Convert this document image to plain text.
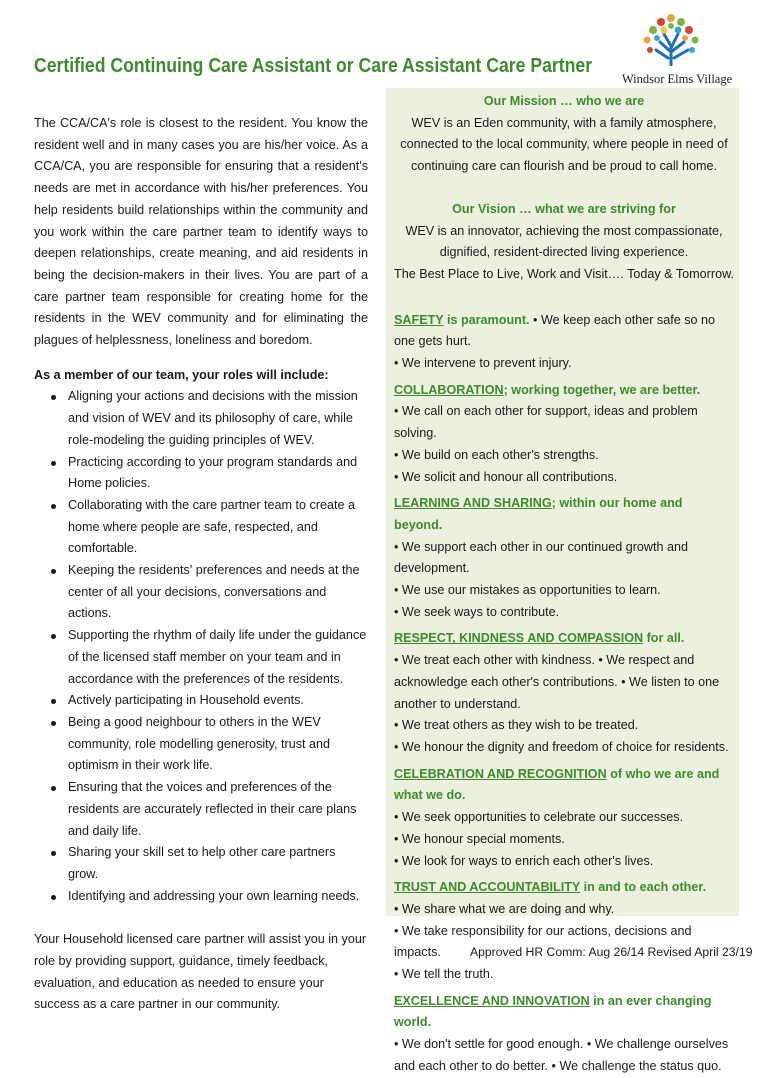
Certified Continuing Care Assistant or Care Assistant Care Partner
Windsor Elms Village

The CCA/CA's role is closest to the resident. You know the resident well and in many cases you are his/her voice. As a CCA/CA, you are responsible for ensuring that a resident's needs are met in accordance with his/her preferences. You help residents build relationships within the community and you work within the care partner team to identify ways to deepen relationships, create meaning, and aid residents in being the decision-makers in their lives. You are part of a care partner team responsible for creating home for the residents in the WEV community and for eliminating the plagues of helplessness, loneliness and boredom.

As a member of our team, your roles will include:

Aligning your actions and decisions with the mission and vision of WEV and its philosophy of care, while role-modeling the guiding principles of WEV.
Practicing according to your program standards and Home policies.
Collaborating with the care partner team to create a home where people are safe, respected, and comfortable.
Keeping the residents' preferences and needs at the center of all your decisions, conversations and actions.
Supporting the rhythm of daily life under the guidance of the licensed staff member on your team and in accordance with the preferences of the residents.
Actively participating in Household events.
Being a good neighbour to others in the WEV community, role modelling generosity, trust and optimism in their work life.
Ensuring that the voices and preferences of the residents are accurately reflected in their care plans and daily life.
Sharing your skill set to help other care partners grow.
Identifying and addressing your own learning needs.

Your Household licensed care partner will assist you in your role by providing support, guidance, timely feedback, evaluation, and education as needed to ensure your success as a care partner in our community.

Our Mission … who we are

WEV is an Eden community, with a family atmosphere, connected to the local community, where people in need of continuing care can flourish and be proud to call home.

Our Vision … what we are striving for

WEV is an innovator, achieving the most compassionate, dignified, resident-directed living experience.

The Best Place to Live, Work and Visit…. Today & Tomorrow.

SAFETY is paramount. • We keep each other safe so no one gets hurt.

• We intervene to prevent injury.

COLLABORATION; working together, we are better.

• We call on each other for support, ideas and problem solving.

• We build on each other's strengths.

• We solicit and honour all contributions.

LEARNING AND SHARING; within our home and beyond.

• We support each other in our continued growth and development.

• We use our mistakes as opportunities to learn.

• We seek ways to contribute.

RESPECT, KINDNESS AND COMPASSION for all.

• We treat each other with kindness. • We respect and acknowledge each other's contributions. • We listen to one another to understand.

• We treat others as they wish to be treated.

• We honour the dignity and freedom of choice for residents.

CELEBRATION AND RECOGNITION of who we are and what we do.

• We seek opportunities to celebrate our successes.

• We honour special moments.

• We look for ways to enrich each other's lives.

TRUST AND ACCOUNTABILITY in and to each other.

• We share what we are doing and why.

• We take responsibility for our actions, decisions and impacts.

• We tell the truth.

EXCELLENCE AND INNOVATION in an ever changing world.

• We don't settle for good enough. • We challenge ourselves and each other to do better. • We challenge the status quo.

Approved HR Comm: Aug 26/14 Revised April 23/19
